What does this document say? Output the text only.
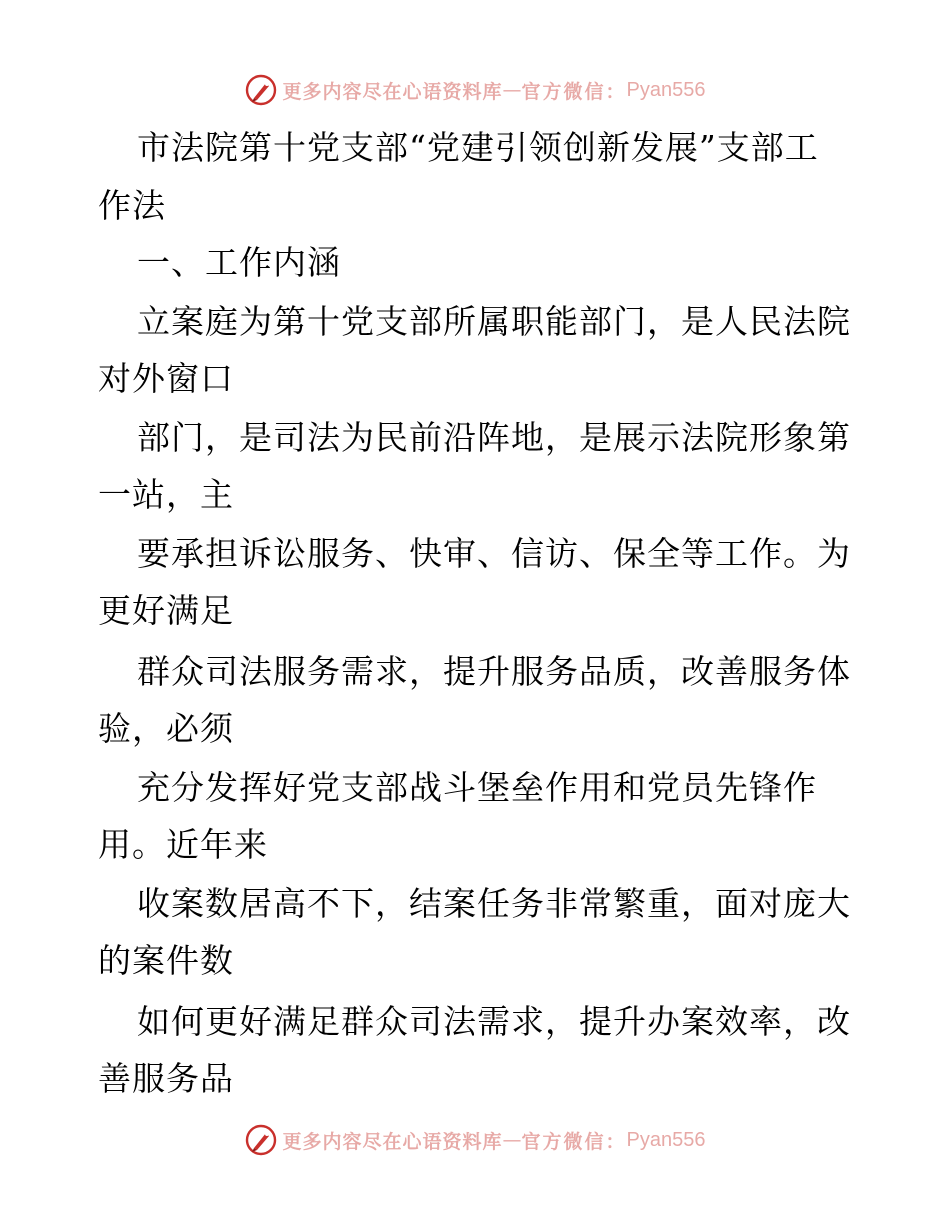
更多内容尽在心语资料库 — 官方微信： Pyan556
市法院第十党支部“党建引领创新发展”支部工
作法
一、工作内涵
立案庭为第十党支部所属职能部门，是人民法院
对外窗口
部门，是司法为民前沿阵地，是展示法院形象第
一站，主
要承担诉讼服务、快审、信访、保全等工作。为
更好满足
群众司法服务需求，提升服务品质，改善服务体
验，必须
充分发挥好党支部战斗堡垒作用和党员先锋作
用。近年来
收案数居高不下，结案任务非常繁重，面对庞大
的案件数
如何更好满足群众司法需求，提升办案效率，改
善服务品
更多内容尽在心语资料库 — 官方微信： Pyan556
